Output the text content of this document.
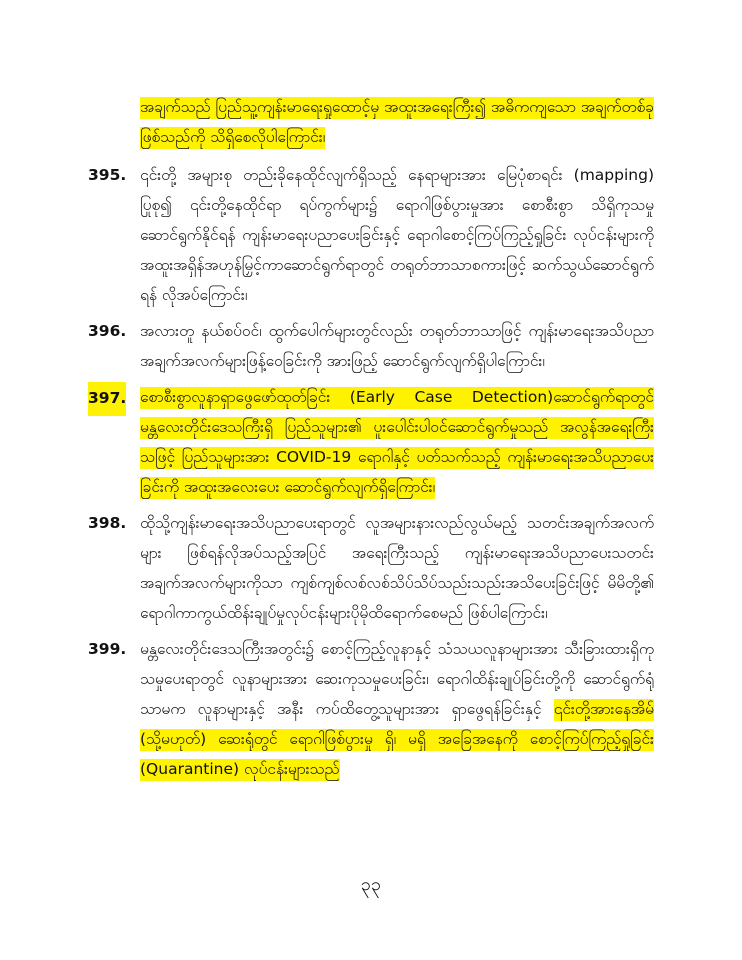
အချက်သည် ပြည်သူ့ကျန်းမာရေးရှုထောင့်မှ အထူးအရေးကြီး၍ အဓိကကျသော အချက်တစ်ခုဖြစ်သည်ကို သိရှိစေလိုပါကြောင်း၊

395. ၎င်းတို့ အများစု တည်းခိုနေထိုင်လျက်ရှိသည့် နေရာများအား မြေပုံစာရင်း (mapping) ပြုစု၍ ၎င်းတို့နေထိုင်ရာ ရပ်ကွက်များ၌ ရောဂါဖြစ်ပွားမှုအား စောစီးစွာ သိရှိကုသမှု ဆောင်ရွက်နိုင်ရန် ကျန်းမာရေးပညာပေးခြင်းနှင့် ရောဂါစောင့်ကြပ်ကြည့်ရှုခြင်း လုပ်ငန်းများကို အထူးအရှိန်အဟုန်မြှင့်ကာဆောင်ရွက်ရာတွင် တရုတ်ဘာသာစကားဖြင့် ဆက်သွယ်ဆောင်ရွက်ရန် လိုအပ်ကြောင်း၊

396. အလားတူ နယ်စပ်ဝင်၊ ထွက်ပေါက်များတွင်လည်း တရုတ်ဘာသာဖြင့် ကျန်းမာရေးအသိပညာအချက်အလက်များဖြန့်ဝေခြင်းကို အားဖြည့် ဆောင်ရွက်လျက်ရှိပါကြောင်း၊

397. စောစီးစွာလူနာရှာဖွေဖော်ထုတ်ခြင်း (Early Case Detection)ဆောင်ရွက်ရာတွင် မန္တလေးတိုင်းဒေသကြီးရှိ ပြည်သူများ၏ ပူးပေါင်းပါဝင်ဆောင်ရွက်မှုသည် အလွန်အရေးကြီးသဖြင့် ပြည်သူများအား COVID-19 ရောဂါနှင့် ပတ်သက်သည့် ကျန်းမာရေးအသိပညာပေးခြင်းကို အထူးအလေးပေး ဆောင်ရွက်လျက်ရှိကြောင်း၊

398. ထိုသို့ကျန်းမာရေးအသိပညာပေးရာတွင် လူအများနားလည်လွယ်မည့် သတင်းအချက်အလက်များ ဖြစ်ရန်လိုအပ်သည့်အပြင် အရေးကြီးသည့် ကျန်းမာရေးအသိပညာပေးသတင်း အချက်အလက်များကိုသာ ကျစ်ကျစ်လစ်လစ်သိပ်သိပ်သည်းသည်းအသိပေးခြင်းဖြင့် မိမိတို့၏ ရောဂါကာကွယ်ထိန်းချုပ်မှုလုပ်ငန်းများပိုမိုထိရောက်စေမည် ဖြစ်ပါကြောင်း၊

399. မန္တလေးတိုင်းဒေသကြီးအတွင်း၌ စောင့်ကြည့်လူနာနှင့် သံသယလူနာများအား သီးခြားထားရှိကုသမှုပေးရာတွင် လူနာများအား ဆေးကုသမှုပေးခြင်း၊ ရောဂါထိန်းချုပ်ခြင်းတို့ကို ဆောင်ရွက်ရုံသာမက လူနာများနှင့် အနီး ကပ်ထိတွေ့သူများအား ရှာဖွေရန်ခြင်းနှင့် ၎င်းတို့အားနေအိမ် (သို့မဟုတ်) ဆေးရုံတွင် ရောဂါဖြစ်ပွားမှု ရှိ၊ မရှိ အခြေအနေကို စောင့်ကြပ်ကြည့်ရှုခြင်း (Quarantine) လုပ်ငန်းများသည်

၃၃
